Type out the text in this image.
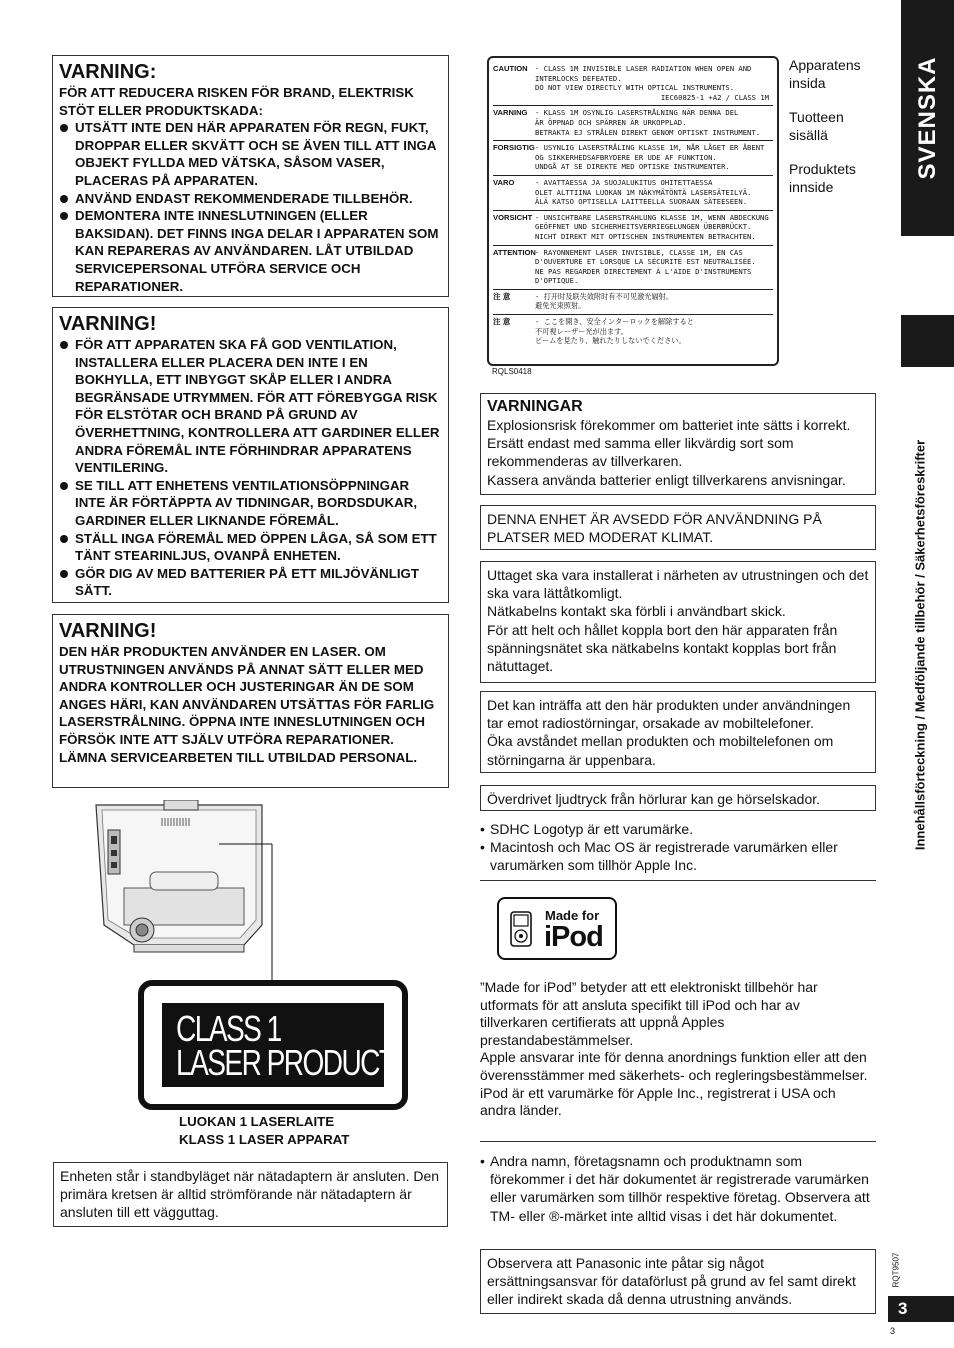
VARNING:
FÖR ATT REDUCERA RISKEN FÖR BRAND, ELEKTRISK STÖT ELLER PRODUKTSKADA:
UTSÄTT INTE DEN HÄR APPARATEN FÖR REGN, FUKT, DROPPAR ELLER SKVÄTT OCH SE ÄVEN TILL ATT INGA OBJEKT FYLLDA MED VÄTSKA, SÅSOM VASER, PLACERAS PÅ APPARATEN.
ANVÄND ENDAST REKOMMENDERADE TILLBEHÖR.
DEMONTERA INTE INNESLUTNINGEN (ELLER BAKSIDAN). DET FINNS INGA DELAR I APPARATEN SOM KAN REPARERAS AV ANVÄNDAREN. LÅT UTBILDAD SERVICEPERSONAL UTFÖRA SERVICE OCH REPARATIONER.
VARNING!
FÖR ATT APPARATEN SKA FÅ GOD VENTILATION, INSTALLERA ELLER PLACERA DEN INTE I EN BOKHYLLA, ETT INBYGGT SKÅP ELLER I ANDRA BEGRÄNSADE UTRYMMEN. FÖR ATT FÖREBYGGA RISK FÖR ELSTÖTAR OCH BRAND PÅ GRUND AV ÖVERHETTNING, KONTROLLERA ATT GARDINER ELLER ANDRA FÖREMÅL INTE FÖRHINDRAR APPARATENS VENTILERING.
SE TILL ATT ENHETENS VENTILATIONSÖPPNINGAR INTE ÄR FÖRTÄPPTA AV TIDNINGAR, BORDSDUKAR, GARDINER ELLER LIKNANDE FÖREMÅL.
STÄLL INGA FÖREMÅL MED ÖPPEN LÅGA, SÅ SOM ETT TÄNT STEARINLJUS, OVANPÅ ENHETEN.
GÖR DIG AV MED BATTERIER PÅ ETT MILJÖVÄNLIGT SÄTT.
VARNING!
DEN HÄR PRODUKTEN ANVÄNDER EN LASER. OM UTRUSTNINGEN ANVÄNDS PÅ ANNAT SÄTT ELLER MED ANDRA KONTROLLER OCH JUSTERINGAR ÄN DE SOM ANGES HÄRI, KAN ANVÄNDAREN UTSÄTTAS FÖR FARLIG LASERSTRÅLNING. ÖPPNA INTE INNESLUTNINGEN OCH FÖRSÖK INTE ATT SJÄLV UTFÖRA REPARATIONER. LÄMNA SERVICEARBETEN TILL UTBILDAD PERSONAL.
CLASS 1
LASER PRODUCT
LUOKAN 1 LASERLAITE
KLASS 1 LASER APPARAT
Enheten står i standbyläget när nätadaptern är ansluten. Den primära kretsen är alltid strömförande när nätadaptern är ansluten till ett vägguttag.
CAUTION	- CLASS 1M INVISIBLE LASER RADIATION WHEN OPEN AND
INTERLOCKS DEFEATED.
DO NOT VIEW DIRECTLY WITH OPTICAL INSTRUMENTS.
IEC60825-1 +A2 / CLASS 1M
VARNING	- KLASS 1M OSYNLIG LASERSTRÅLNING NÄR DENNA DEL
ÄR ÖPPNAD OCH SPÄRREN ÄR URKOPPLAD.
BETRAKTA EJ STRÅLEN DIREKT GENOM OPTISKT INSTRUMENT.
FORSIGTIG - USYNLIG LASERSTRÅLING KLASSE 1M, NÅR LÅGET ER ÅBENT
OG SIKKERHEDSAFBRYDERE ER UDE AF FUNKTION.
UNDGÅ AT SE DIREKTE MED OPTISKE INSTRUMENTER.
VARO	- AVATTAESSA JA SUOJALUKITUS OHITETTAESSA
OLET ALTTIINA LUOKAN 1M NÄKYMÄTÖNTÄ LASERSÄTEILYÄ.
ÄLÄ KATSO OPTISELLA LAITTEELLA SUORAAN SÄTEESEEN.
VORSICHT - UNSICHTBARE LASERSTRAHLUNG KLASSE 1M, WENN ABDECKUNG
GEÖFFNET UND SICHERHEITSVERRIEGELUNGEN ÜBERBRÜCKT.
NICHT DIREKT MIT OPTISCHEN INSTRUMENTEN BETRACHTEN.
ATTENTION - RAYONNEMENT LASER INVISIBLE, CLASSE 1M, EN CAS
D'OUVERTURE ET LORSQUE LA SÉCURITÉ EST NEUTRALISÉE.
NE PAS REGARDER DIRECTEMENT À L'AIDE D'INSTRUMENTS
D'OPTIQUE.
注 意	- 打开时及联失效附时有不可见激光辐射。
避免光束照射。
注 意	- ここを開き、安全インターロックを解除すると
不可視レーザー光が出ます。
ビームを見たり、触れたりしないでください。
RQLS0418
Apparatens insida
Tuotteen sisällä
Produktets innside
VARNINGAR
Explosionsrisk förekommer om batteriet inte sätts i korrekt.
Ersätt endast med samma eller likvärdig sort som rekommenderas av tillverkaren.
Kassera använda batterier enligt tillverkarens anvisningar.
DENNA ENHET ÄR AVSEDD FÖR ANVÄNDNING PÅ PLATSER MED MODERAT KLIMAT.
Uttaget ska vara installerat i närheten av utrustningen och det ska vara lättåtkomligt.
Nätkabelns kontakt ska förbli i användbart skick.
För att helt och hållet koppla bort den här apparaten från spänningsnätet ska nätkabelns kontakt kopplas bort från nätuttaget.
Det kan inträffa att den här produkten under användningen tar emot radiostörningar, orsakade av mobiltelefoner.
Öka avståndet mellan produkten och mobiltelefonen om störningarna är uppenbara.
Överdrivet ljudtryck från hörlurar kan ge hörselskador.
• SDHC Logotyp är ett varumärke.
• Macintosh och Mac OS är registrerade varumärken eller varumärken som tillhör Apple Inc.
Made for
iPod
”Made for iPod” betyder att ett elektroniskt tillbehör har utformats för att ansluta specifikt till iPod och har av tillverkaren certifierats att uppnå Apples prestandabestämmelser.
Apple ansvarar inte för denna anordnings funktion eller att den överensstämmer med säkerhets- och regleringsbestämmelser.
iPod är ett varumärke för Apple Inc., registrerat i USA och andra länder.
• Andra namn, företagsnamn och produktnamn som förekommer i det här dokumentet är registrerade varumärken eller varumärken som tillhör respektive företag. Observera att TM- eller ®-märket inte alltid visas i det här dokumentet.
Observera att Panasonic inte påtar sig något ersättningsansvar för dataförlust på grund av fel samt direkt eller indirekt skada då denna utrustning används.
SVENSKA
Innehållsförteckning / Medföljande tillbehör / Säkerhetsföreskrifter
RQT9507
3
3
